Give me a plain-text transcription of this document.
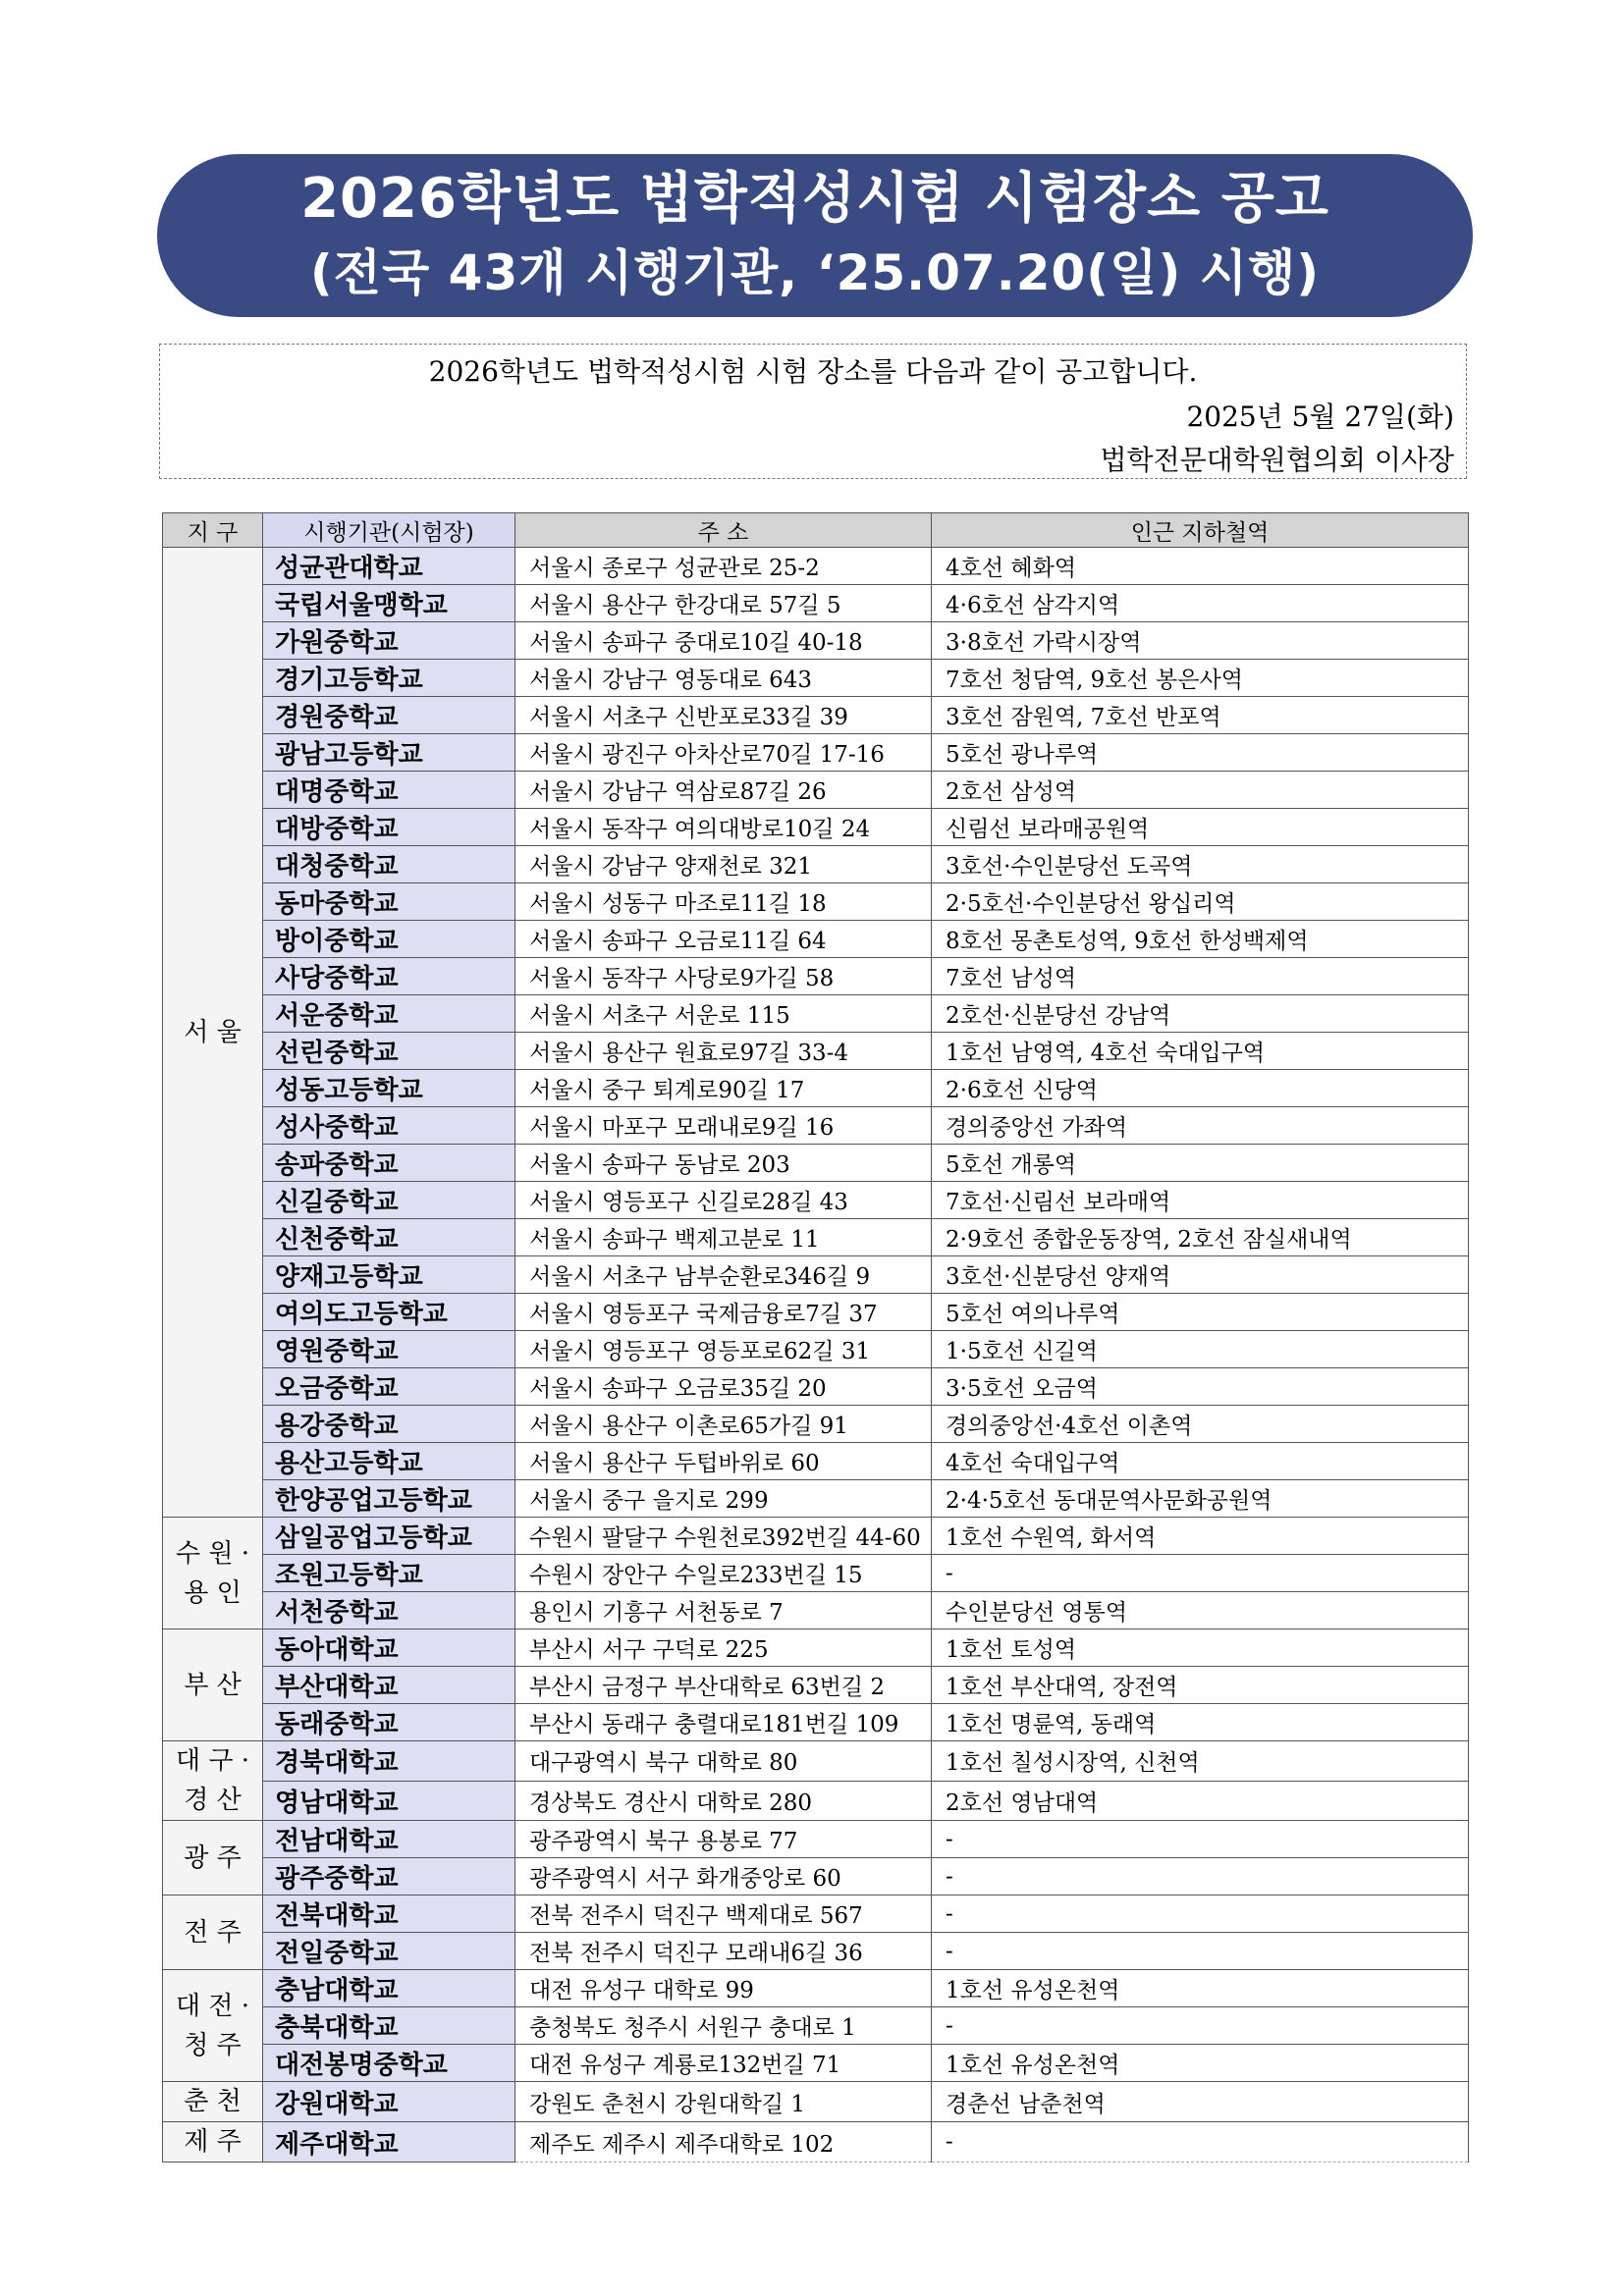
2026학년도 법학적성시험 시험장소 공고
(전국 43개 시행기관, ‘25.07.20(일) 시행)
2026학년도 법학적성시험 시험 장소를 다음과 같이 공고합니다.
2025년 5월 27일(화)
법학전문대학원협의회 이사장
지 구	시행기관(시험장)	주 소	인근 지하철역
서 울	성균관대학교	서울시 종로구 성균관로 25-2	4호선 혜화역
	국립서울맹학교	서울시 용산구 한강대로 57길 5	4·6호선 삼각지역
	가원중학교	서울시 송파구 중대로10길 40-18	3·8호선 가락시장역
	경기고등학교	서울시 강남구 영동대로 643	7호선 청담역, 9호선 봉은사역
	경원중학교	서울시 서초구 신반포로33길 39	3호선 잠원역, 7호선 반포역
	광남고등학교	서울시 광진구 아차산로70길 17-16	5호선 광나루역
	대명중학교	서울시 강남구 역삼로87길 26	2호선 삼성역
	대방중학교	서울시 동작구 여의대방로10길 24	신림선 보라매공원역
	대청중학교	서울시 강남구 양재천로 321	3호선·수인분당선 도곡역
	동마중학교	서울시 성동구 마조로11길 18	2·5호선·수인분당선 왕십리역
	방이중학교	서울시 송파구 오금로11길 64	8호선 몽촌토성역, 9호선 한성백제역
	사당중학교	서울시 동작구 사당로9가길 58	7호선 남성역
	서운중학교	서울시 서초구 서운로 115	2호선·신분당선 강남역
	선린중학교	서울시 용산구 원효로97길 33-4	1호선 남영역, 4호선 숙대입구역
	성동고등학교	서울시 중구 퇴계로90길 17	2·6호선 신당역
	성사중학교	서울시 마포구 모래내로9길 16	경의중앙선 가좌역
	송파중학교	서울시 송파구 동남로 203	5호선 개롱역
	신길중학교	서울시 영등포구 신길로28길 43	7호선·신림선 보라매역
	신천중학교	서울시 송파구 백제고분로 11	2·9호선 종합운동장역, 2호선 잠실새내역
	양재고등학교	서울시 서초구 남부순환로346길 9	3호선·신분당선 양재역
	여의도고등학교	서울시 영등포구 국제금융로7길 37	5호선 여의나루역
	영원중학교	서울시 영등포구 영등포로62길 31	1·5호선 신길역
	오금중학교	서울시 송파구 오금로35길 20	3·5호선 오금역
	용강중학교	서울시 용산구 이촌로65가길 91	경의중앙선·4호선 이촌역
	용산고등학교	서울시 용산구 두텁바위로 60	4호선 숙대입구역
	한양공업고등학교	서울시 중구 을지로 299	2·4·5호선 동대문역사문화공원역
수 원 · 용 인	삼일공업고등학교	수원시 팔달구 수원천로392번길 44-60	1호선 수원역, 화서역
	조원고등학교	수원시 장안구 수일로233번길 15	-
	서천중학교	용인시 기흥구 서천동로 7	수인분당선 영통역
부 산	동아대학교	부산시 서구 구덕로 225	1호선 토성역
	부산대학교	부산시 금정구 부산대학로 63번길 2	1호선 부산대역, 장전역
	동래중학교	부산시 동래구 충렬대로181번길 109	1호선 명륜역, 동래역
대 구 · 경 산	경북대학교	대구광역시 북구 대학로 80	1호선 칠성시장역, 신천역
	영남대학교	경상북도 경산시 대학로 280	2호선 영남대역
광 주	전남대학교	광주광역시 북구 용봉로 77	-
	광주중학교	광주광역시 서구 화개중앙로 60	-
전 주	전북대학교	전북 전주시 덕진구 백제대로 567	-
	전일중학교	전북 전주시 덕진구 모래내6길 36	-
대 전 · 청 주	충남대학교	대전 유성구 대학로 99	1호선 유성온천역
	충북대학교	충청북도 청주시 서원구 충대로 1	-
	대전봉명중학교	대전 유성구 계룡로132번길 71	1호선 유성온천역
춘 천	강원대학교	강원도 춘천시 강원대학길 1	경춘선 남춘천역
제 주	제주대학교	제주도 제주시 제주대학로 102	-
